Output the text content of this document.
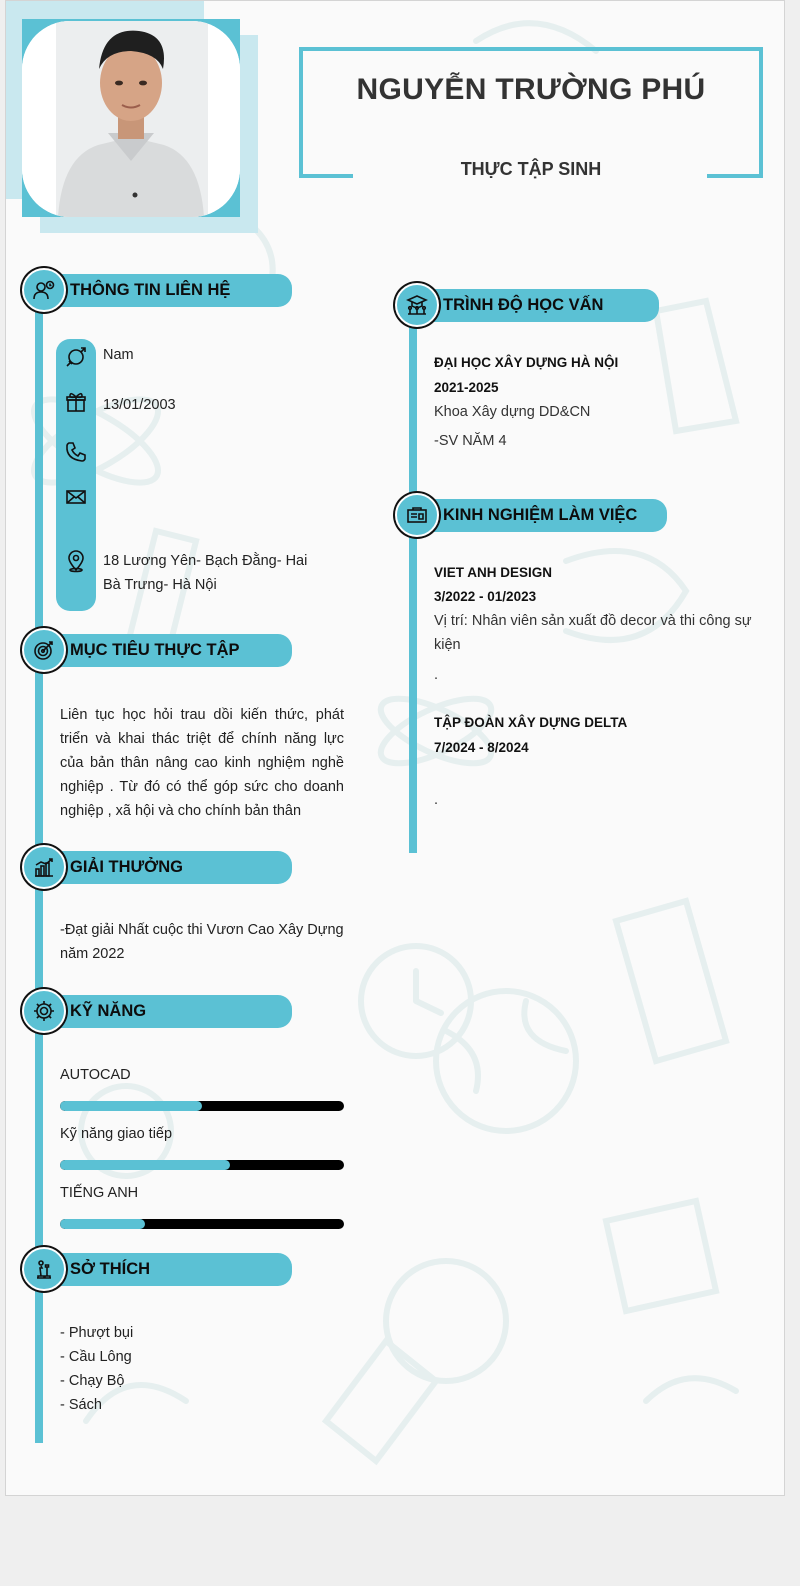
NGUYỄN TRƯỜNG PHÚ
THỰC TẬP SINH
THÔNG TIN LIÊN HỆ
Nam
13/01/2003
18 Lương Yên- Bạch Đằng- Hai
Bà Trưng- Hà Nội
MỤC TIÊU THỰC TẬP
Liên tục học hỏi trau dồi kiến thức, phát
triển và khai thác triệt để chính năng lực
của bản thân nâng cao kinh nghiệm nghề
nghiệp . Từ đó có thể góp sức cho doanh
nghiệp , xã hội và cho chính bản thân
GIẢI THƯỞNG
-Đạt giải Nhất cuộc thi Vươn Cao Xây Dựng
năm 2022
KỸ NĂNG
AUTOCAD
Kỹ năng giao tiếp
TIẾNG ANH
SỞ THÍCH
- Phượt bụi
- Cầu Lông
- Chạy Bộ
- Sách
TRÌNH ĐỘ HỌC VẤN
ĐẠI HỌC XÂY DỰNG HÀ NỘI
2021-2025
Khoa Xây dựng DD&CN
-SV NĂM 4
KINH NGHIỆM LÀM VIỆC
VIET ANH DESIGN
3/2022 - 01/2023
Vị trí: Nhân viên sản xuất đồ decor và thi công sự
kiện
.
TẬP ĐOÀN XÂY DỰNG DELTA
7/2024 - 8/2024
.
